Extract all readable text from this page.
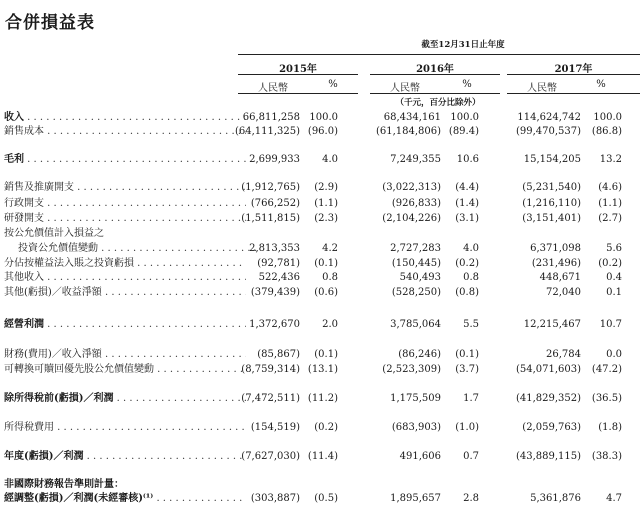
合併損益表
截至12月31日止年度
2015年	2016年	2017年
人民幣	%	人民幣	%	人民幣	%
（千元，百分比除外）
收入 . . .	66,811,258 100.0	68,434,161 100.0	114,624,742 100.0
銷售成本 . . .	(64,111,325) (96.0)	(61,184,806) (89.4)	(99,470,537) (86.8)
毛利 . . .	2,699,933 4.0	7,249,355 10.6	15,154,205 13.2
銷售及推廣開支 . . .	(1,912,765) (2.9)	(3,022,313) (4.4)	(5,231,540) (4.6)
行政開支 . . .	(766,252) (1.1)	(926,833) (1.4)	(1,216,110) (1.1)
研發開支 . . .	(1,511,815) (2.3)	(2,104,226) (3.1)	(3,151,401) (2.7)
按公允價值計入損益之
投資公允價值變動 . . .	2,813,353 4.2	2,727,283 4.0	6,371,098	5.6
分佔按權益法入賬之投資虧損 . . .	(92,781) (0.1)	(150,445) (0.2)	(231,496) (0.2)
其他收入 . . .	522,436 0.8	540,493 0.8	448,671	0.4
其他(虧損)／收益淨額 . . .	(379,439) (0.6)	(528,250) (0.8)	72,040	0.1
經營利潤 . . .	1,372,670 2.0	3,785,064 5.5	12,215,467 10.7
財務(費用)／收入淨額 . . .	(85,867) (0.1)	(86,246) (0.1)	26,784	0.0
可轉換可贖回優先股公允價值變動 . . .	(8,759,314) (13.1)	(2,523,309) (3.7)	(54,071,603) (47.2)
除所得稅前(虧損)／利潤 . . .	(7,472,511) (11.2)	1,175,509 1.7	(41,829,352) (36.5)
所得稅費用 . . .	(154,519) (0.2)	(683,903) (1.0)	(2,059,763) (1.8)
年度(虧損)／利潤 . . .	(7,627,030) (11.4)	491,606 0.7	(43,889,115) (38.3)
非國際財務報告準則計量：
經調整(虧損)／利潤(未經審核)⁽¹⁾ . . .	(303,887) (0.5)	1,895,657 2.8	5,361,876	4.7
